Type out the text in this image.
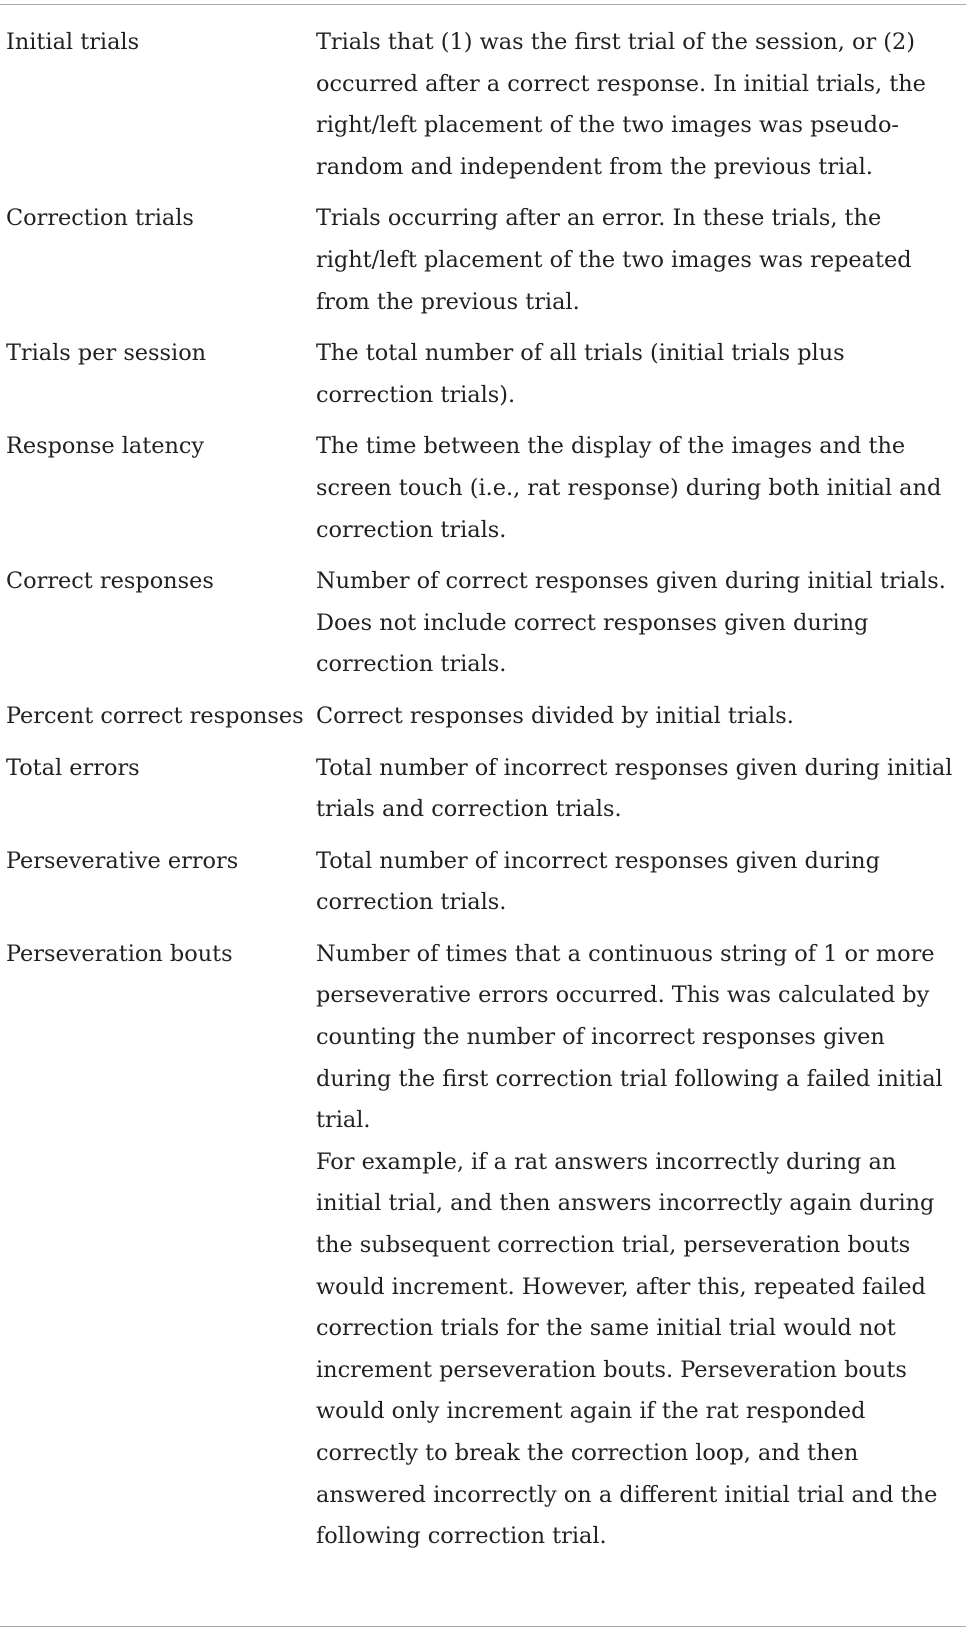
Initial trials	Trials that (1) was the first trial of the session, or (2) occurred after a correct response. In initial trials, the right/left placement of the two images was pseudo-random and independent from the previous trial.
Correction trials	Trials occurring after an error. In these trials, the right/left placement of the two images was repeated from the previous trial.
Trials per session	The total number of all trials (initial trials plus correction trials).
Response latency	The time between the display of the images and the screen touch (i.e., rat response) during both initial and correction trials.
Correct responses	Number of correct responses given during initial trials. Does not include correct responses given during correction trials.
Percent correct responses	Correct responses divided by initial trials.
Total errors	Total number of incorrect responses given during initial trials and correction trials.
Perseverative errors	Total number of incorrect responses given during correction trials.
Perseveration bouts	Number of times that a continuous string of 1 or more perseverative errors occurred. This was calculated by counting the number of incorrect responses given during the first correction trial following a failed initial trial.
For example, if a rat answers incorrectly during an initial trial, and then answers incorrectly again during the subsequent correction trial, perseveration bouts would increment. However, after this, repeated failed correction trials for the same initial trial would not increment perseveration bouts. Perseveration bouts would only increment again if the rat responded correctly to break the correction loop, and then answered incorrectly on a different initial trial and the following correction trial.
